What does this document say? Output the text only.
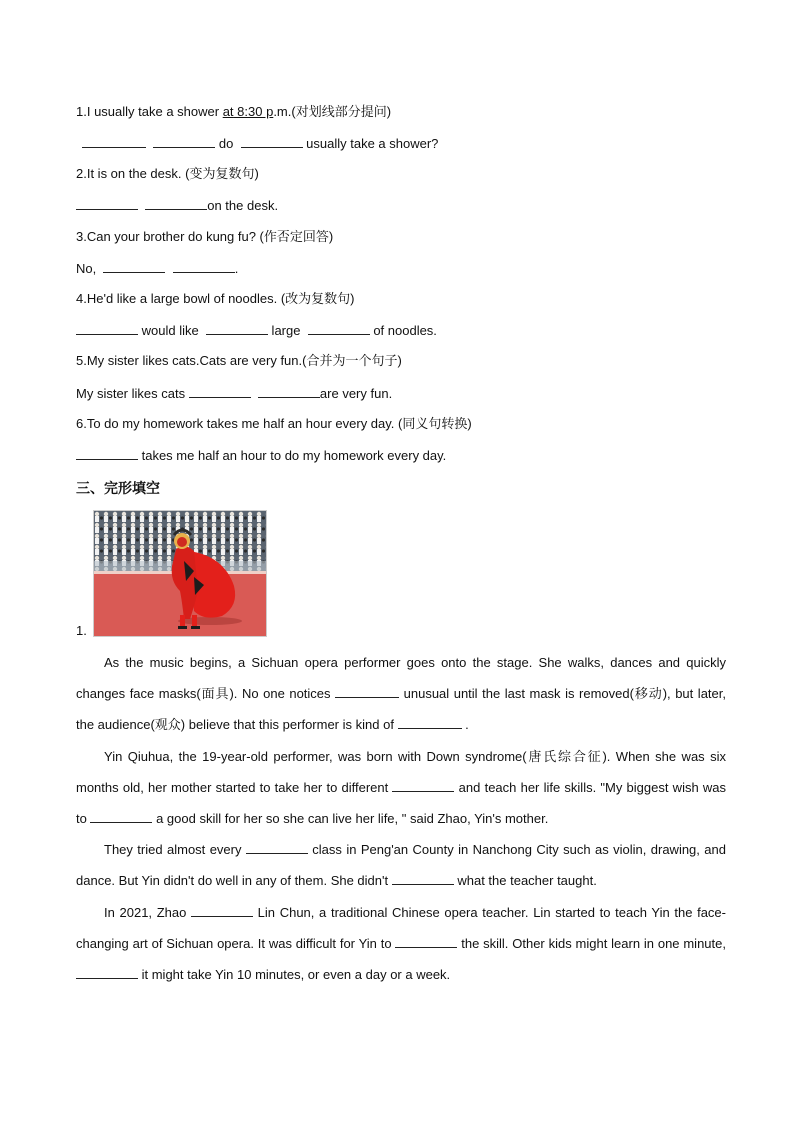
1.I usually take a shower at 8:30 p.m.(对划线部分提问)
do	usually take a shower?
2.It is on the desk. (变为复数句)
on the desk.
3.Can your brother do kung fu? (作否定回答)
No,	.
4.He'd like a large bowl of noodles. (改为复数句)
would like	large	of noodles.
5.My sister likes cats.Cats are very fun.(合并为一个句子)
My sister likes cats	are very fun.
6.To do my homework takes me half an hour every day. (同义句转换)
takes me half an hour to do my homework every day.
三、完形填空
1.
As the music begins, a Sichuan opera performer goes onto the stage. She walks, dances and quickly changes face masks(面具). No one notices	unusual until the last mask is removed(移动), but later, the audience(观众) believe that this performer is kind of	.
Yin Qiuhua, the 19-year-old performer, was born with Down syndrome(唐氏综合征). When she was six months old, her mother started to take her to different	and teach her life skills. "My biggest wish was to	a good skill for her so she can live her life, " said Zhao, Yin's mother.
They tried almost every	class in Peng'an County in Nanchong City such as violin, drawing, and dance. But Yin didn't do well in any of them. She didn't	what the teacher taught.
In 2021, Zhao	Lin Chun, a traditional Chinese opera teacher. Lin started to teach Yin the face-changing art of Sichuan opera. It was difficult for Yin to	the skill. Other kids might learn in one minute,  it might take Yin 10 minutes, or even a day or a week.
